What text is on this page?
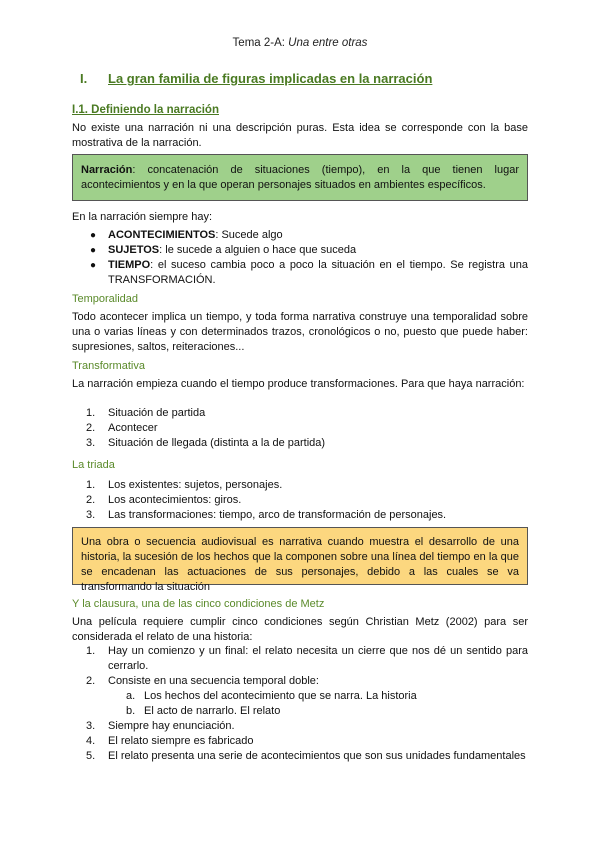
Tema 2-A: Una entre otras
I. La gran familia de figuras implicadas en la narración
I.1. Definiendo la narración
No existe una narración ni una descripción puras. Esta idea se corresponde con la base mostrativa de la narración.
Narración: concatenación de situaciones (tiempo), en la que tienen lugar acontecimientos y en la que operan personajes situados en ambientes específicos.
En la narración siempre hay:
● ACONTECIMIENTOS: Sucede algo
● SUJETOS: le sucede a alguien o hace que suceda
● TIEMPO: el suceso cambia poco a poco la situación en el tiempo. Se registra una TRANSFORMACIÓN.
Temporalidad
Todo acontecer implica un tiempo, y toda forma narrativa construye una temporalidad sobre una o varias líneas y con determinados trazos, cronológicos o no, puesto que puede haber: supresiones, saltos, reiteraciones...
Transformativa
La narración empieza cuando el tiempo produce transformaciones. Para que haya narración:
1. Situación de partida
2. Acontecer
3. Situación de llegada (distinta a la de partida)
La triada
1. Los existentes: sujetos, personajes.
2. Los acontecimientos: giros.
3. Las transformaciones: tiempo, arco de transformación de personajes.
Una obra o secuencia audiovisual es narrativa cuando muestra el desarrollo de una historia, la sucesión de los hechos que la componen sobre una línea del tiempo en la que se encadenan las actuaciones de sus personajes, debido a las cuales se va transformando la situación
Y la clausura, una de las cinco condiciones de Metz
Una película requiere cumplir cinco condiciones según Christian Metz (2002) para ser considerada el relato de una historia:
1. Hay un comienzo y un final: el relato necesita un cierre que nos dé un sentido para cerrarlo.
2. Consiste en una secuencia temporal doble:
a. Los hechos del acontecimiento que se narra. La historia
b. El acto de narrarlo. El relato
3. Siempre hay enunciación.
4. El relato siempre es fabricado
5. El relato presenta una serie de acontecimientos que son sus unidades fundamentales
